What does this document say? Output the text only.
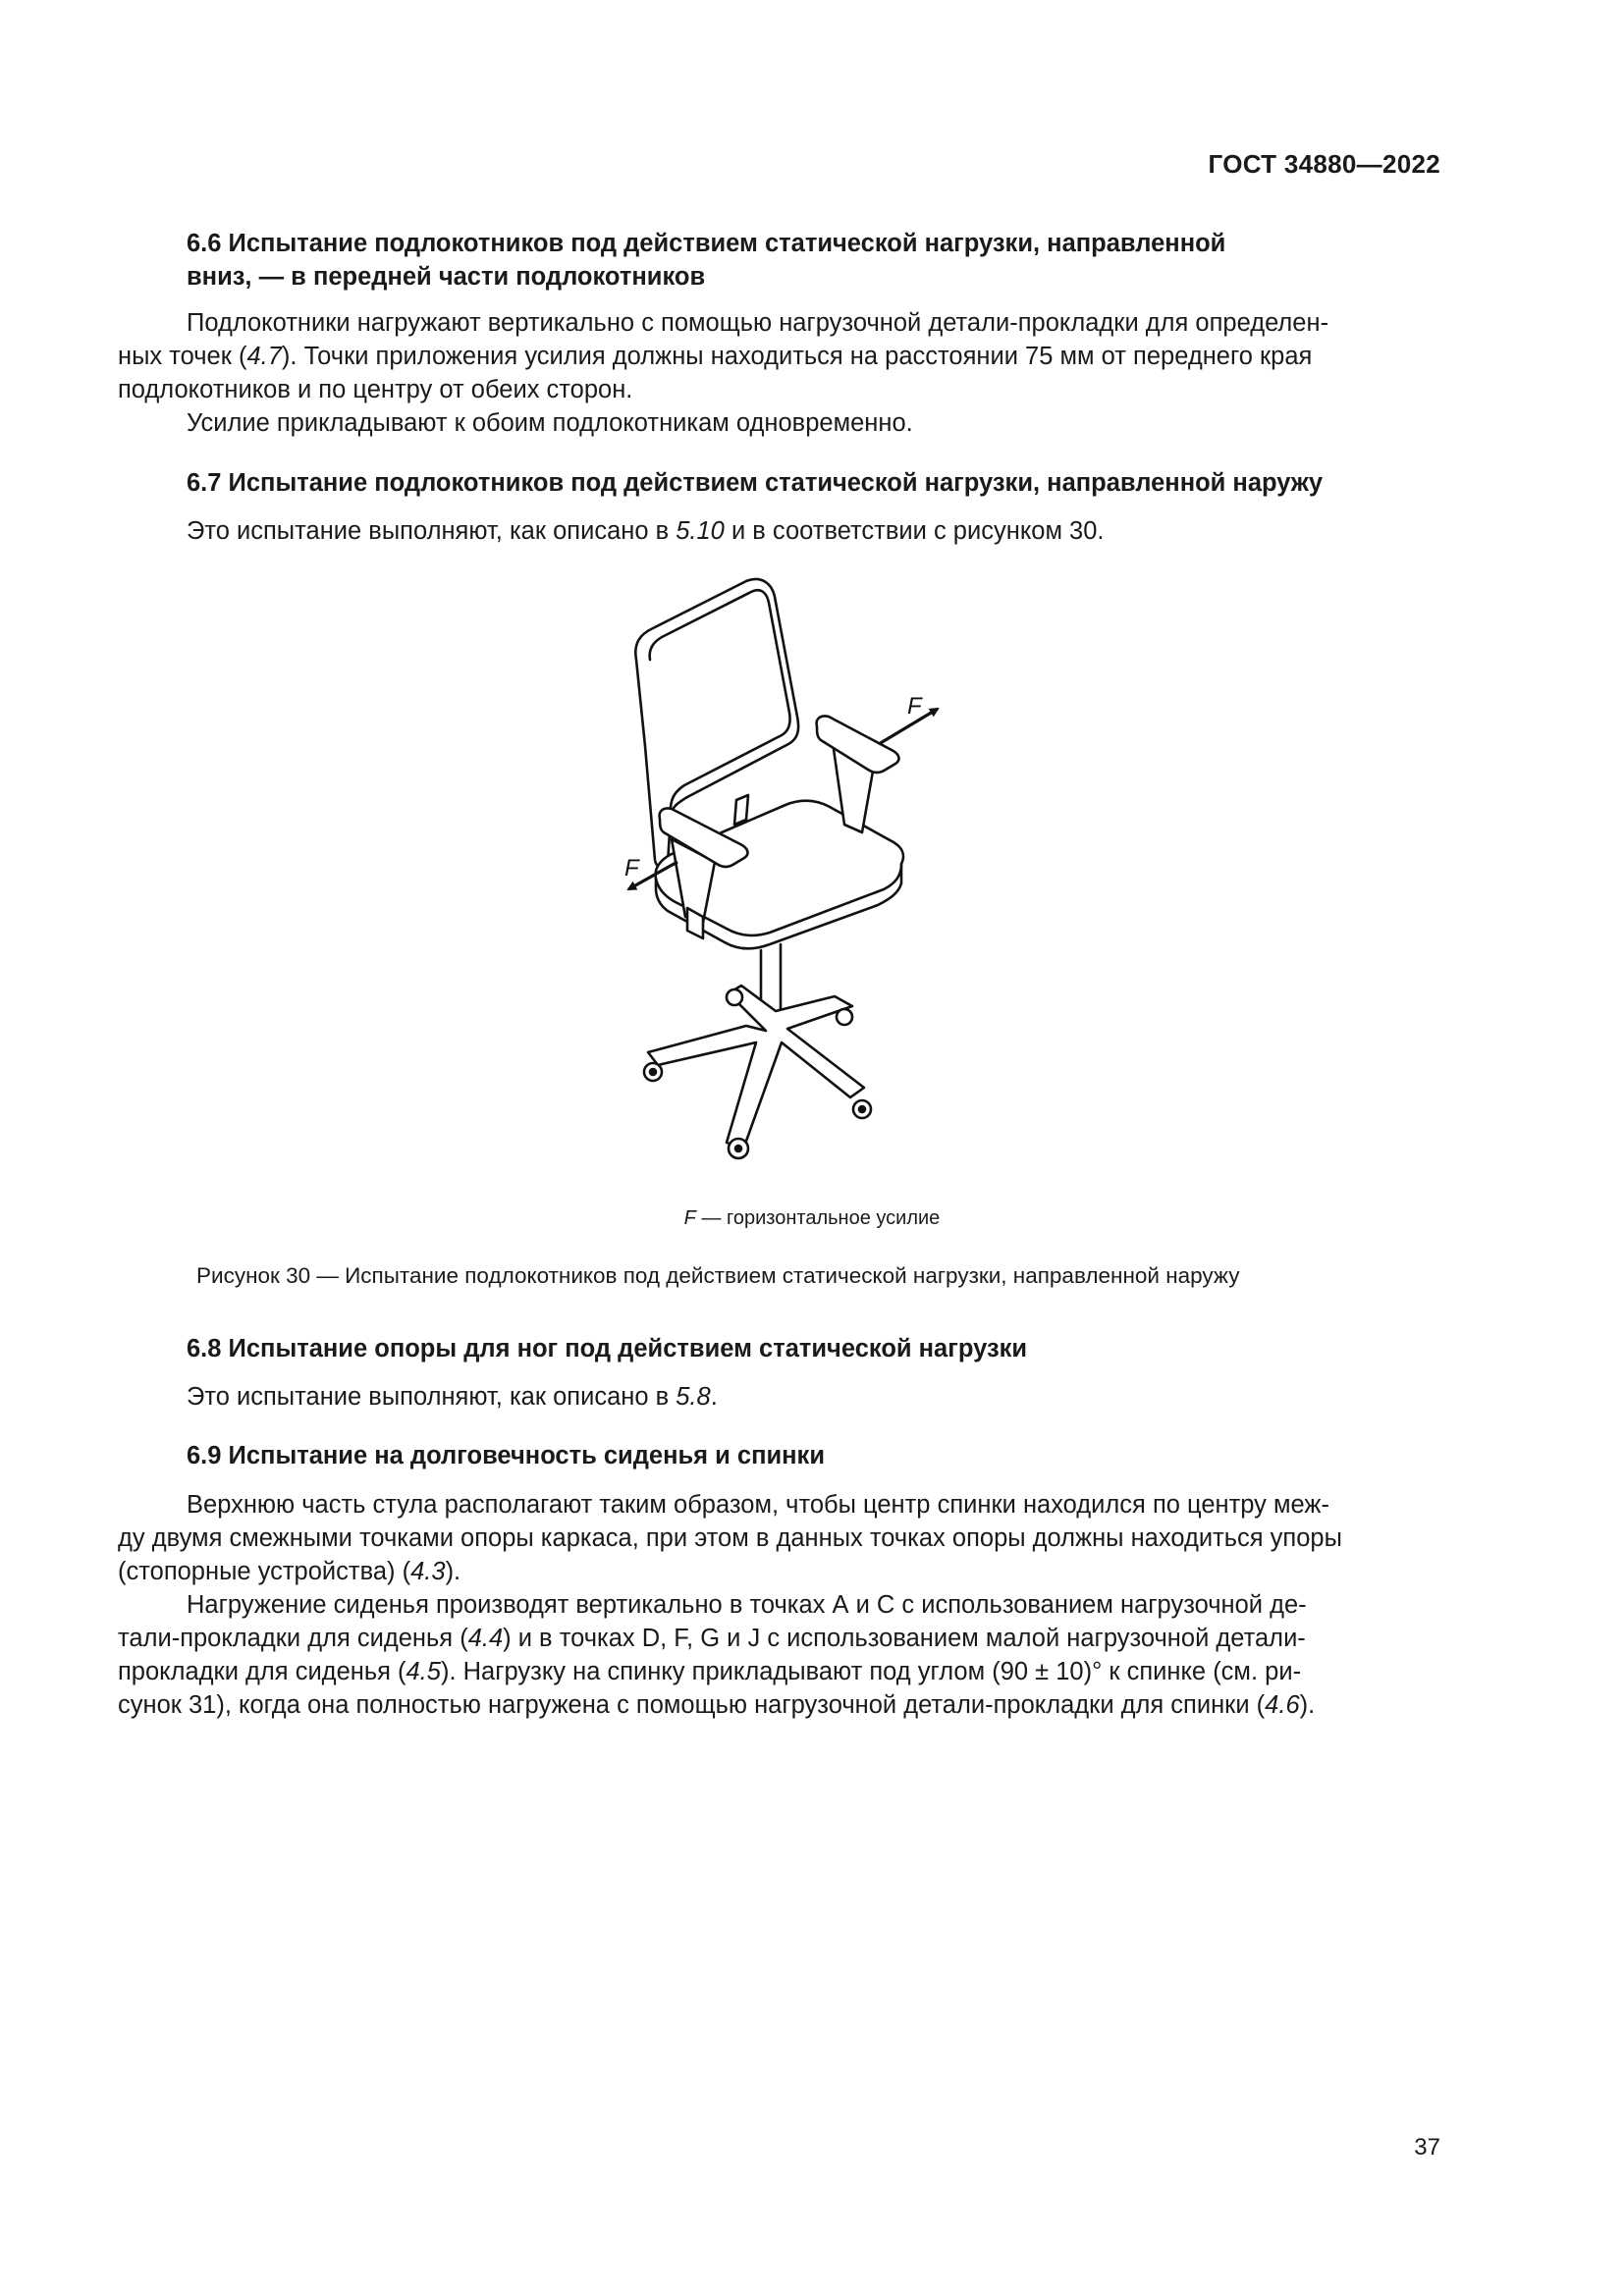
ГОСТ 34880—2022
6.6 Испытание подлокотников под действием статической нагрузки, направленной
вниз, — в передней части подлокотников
Подлокотники нагружают вертикально с помощью нагрузочной детали-прокладки для определен-
ных точек (4.7). Точки приложения усилия должны находиться на расстоянии 75 мм от переднего края
подлокотников и по центру от обеих сторон.
Усилие прикладывают к обоим подлокотникам одновременно.
6.7 Испытание подлокотников под действием статической нагрузки, направленной наружу
Это испытание выполняют, как описано в 5.10 и в соответствии с рисунком 30.
F
F
F — горизонтальное усилие
Рисунок 30 — Испытание подлокотников под действием статической нагрузки, направленной наружу
6.8 Испытание опоры для ног под действием статической нагрузки
Это испытание выполняют, как описано в 5.8.
6.9 Испытание на долговечность сиденья и спинки
Верхнюю часть стула располагают таким образом, чтобы центр спинки находился по центру меж-
ду двумя смежными точками опоры каркаса, при этом в данных точках опоры должны находиться упоры
(стопорные устройства) (4.3).
Нагружение сиденья производят вертикально в точках А и С с использованием нагрузочной де-
тали-прокладки для сиденья (4.4) и в точках D, F, G и J с использованием малой нагрузочной детали-
прокладки для сиденья (4.5). Нагрузку на спинку прикладывают под углом (90 ± 10)° к спинке (см. ри-
сунок 31), когда она полностью нагружена с помощью нагрузочной детали-прокладки для спинки (4.6).
37
